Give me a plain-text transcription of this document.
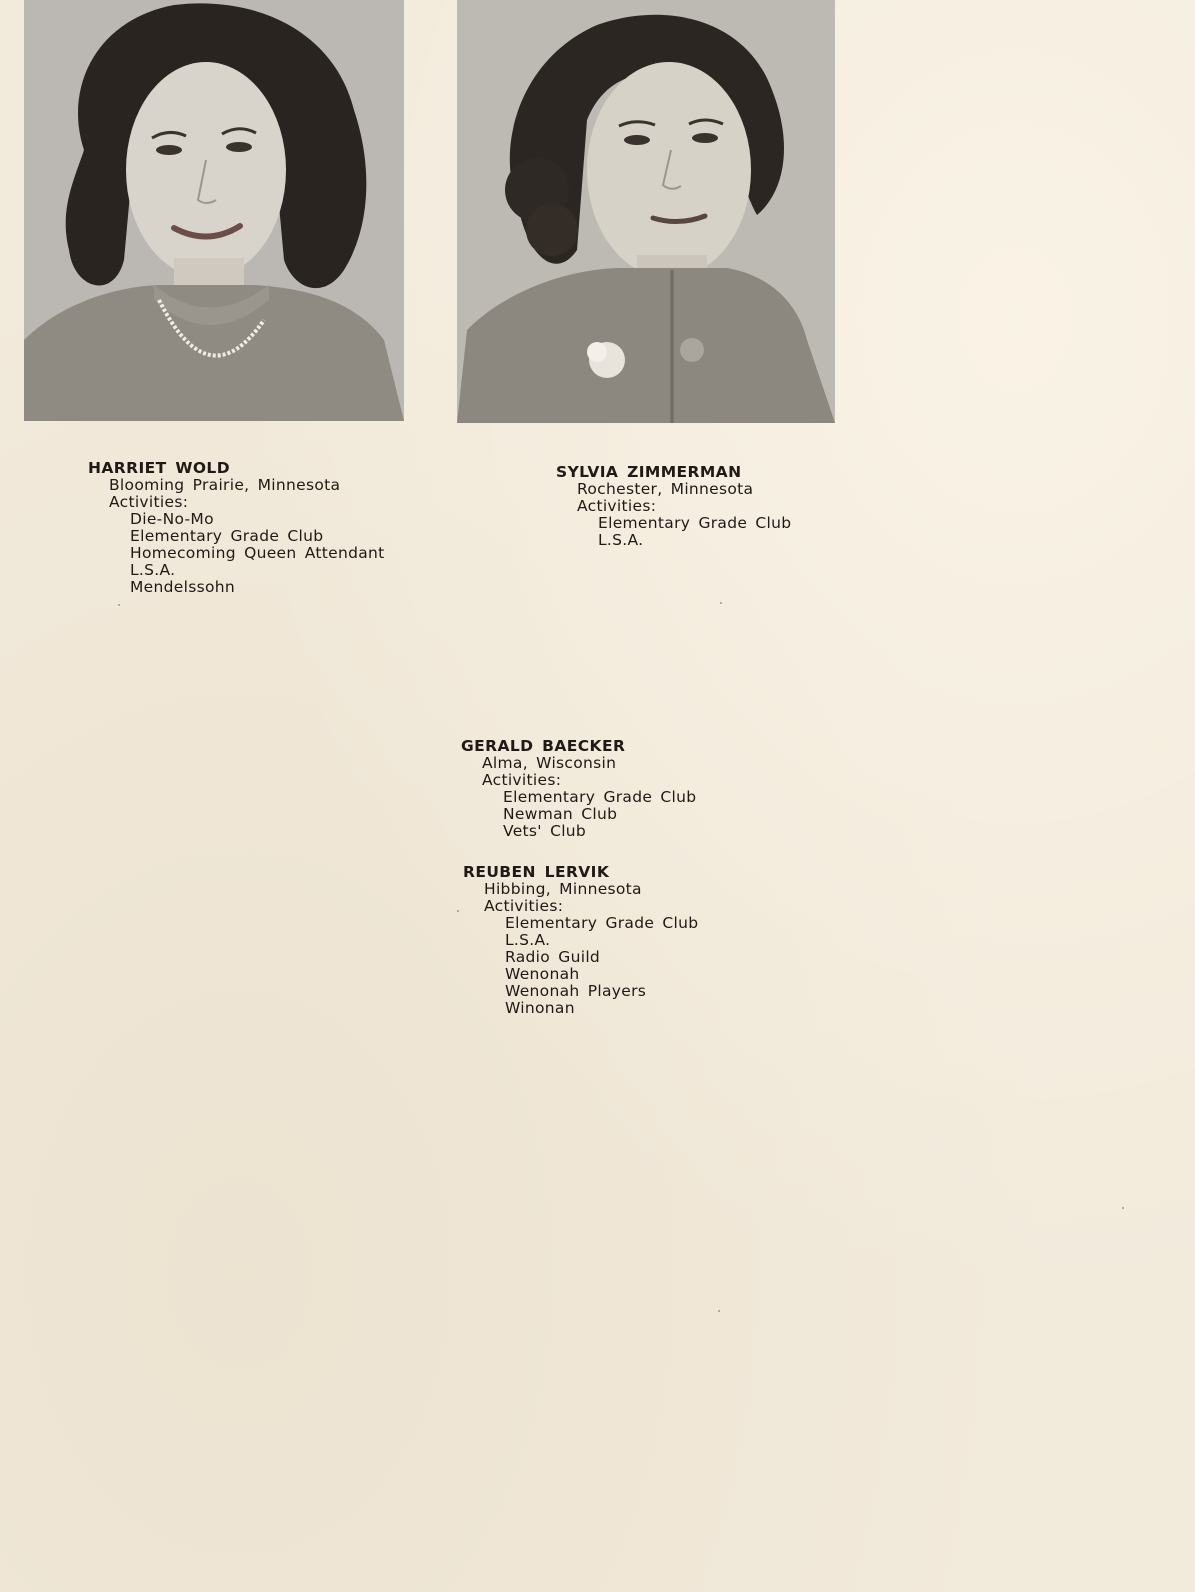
HARRIET WOLD
Blooming Prairie, Minnesota
Activities:
Die-No-Mo
Elementary Grade Club
Homecoming Queen Attendant
L.S.A.
Mendelssohn
SYLVIA ZIMMERMAN
Rochester, Minnesota
Activities:
Elementary Grade Club
L.S.A.
GERALD BAECKER
Alma, Wisconsin
Activities:
Elementary Grade Club
Newman Club
Vets' Club
REUBEN LERVIK
Hibbing, Minnesota
Activities:
Elementary Grade Club
L.S.A.
Radio Guild
Wenonah
Wenonah Players
Winonan
